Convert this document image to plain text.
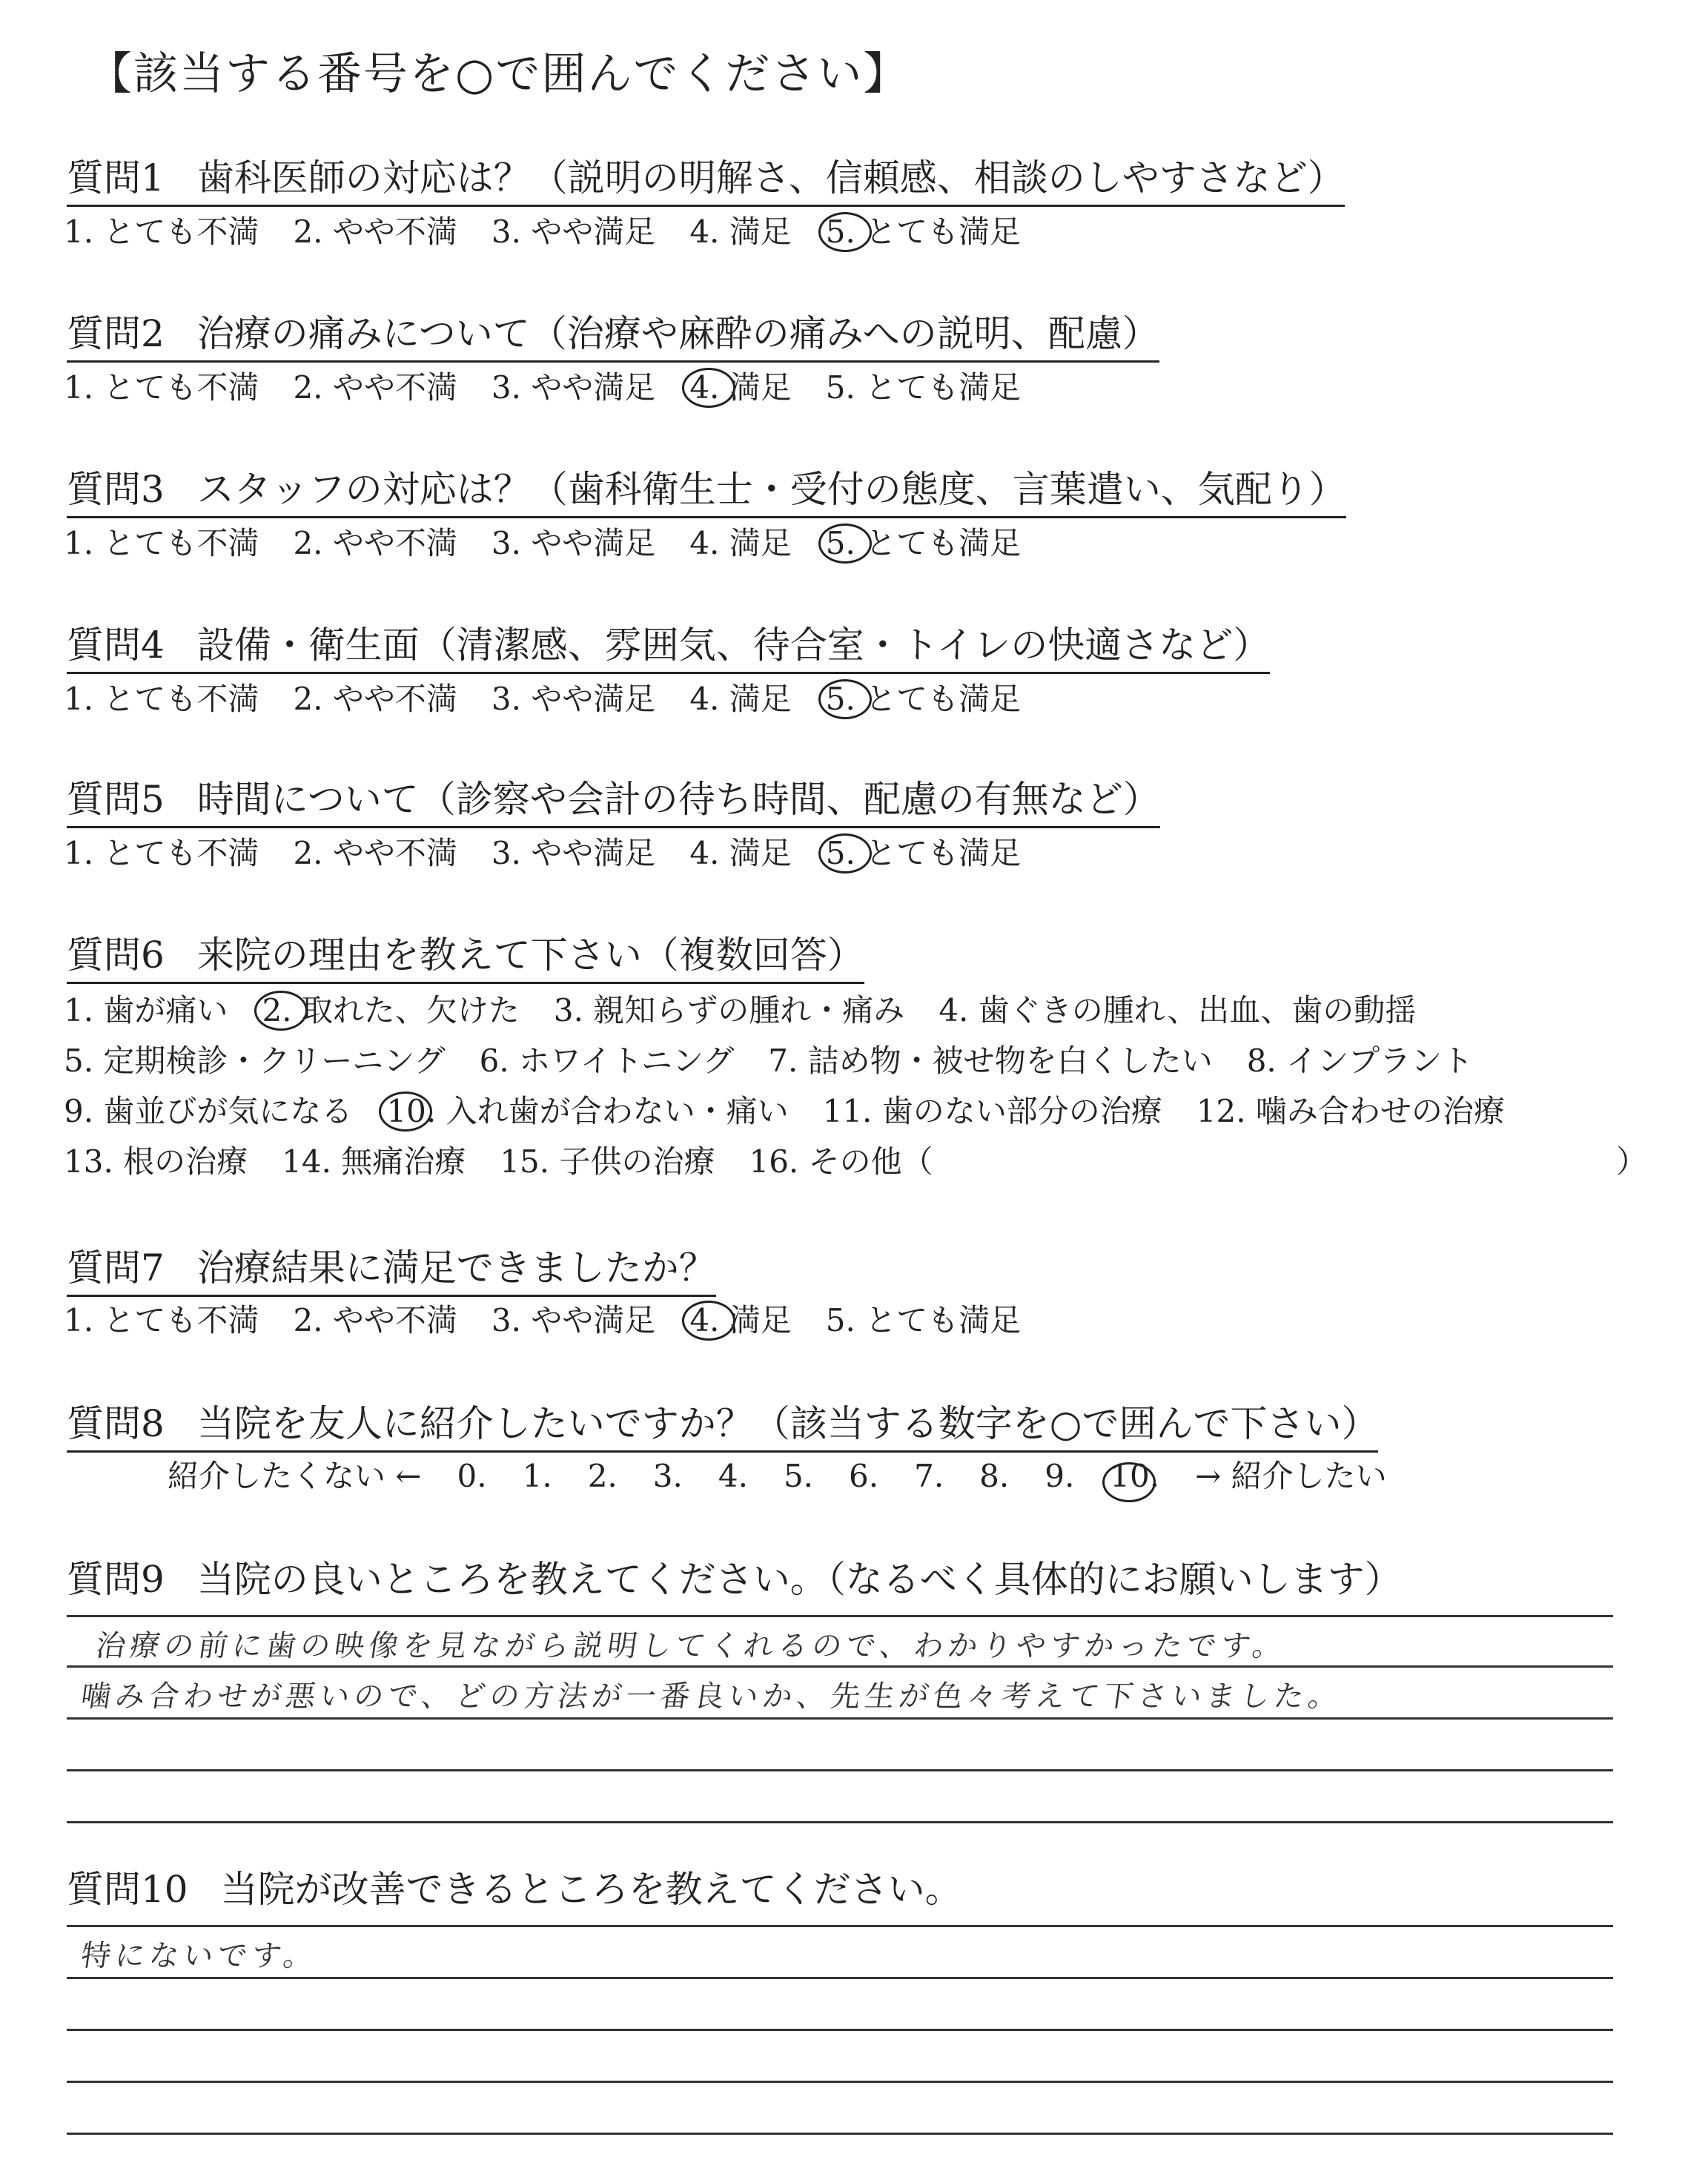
【該当する番号を○で囲んでください】
質問1 歯科医師の対応は？（説明の明解さ、信頼感、相談のしやすさなど）
1. とても不満 2. やや不満 3. やや満足 4. 満足 5. とても満足
質問2 治療の痛みについて（治療や麻酔の痛みへの説明、配慮）
1. とても不満 2. やや不満 3. やや満足 4. 満足 5. とても満足
質問3 スタッフの対応は？（歯科衛生士・受付の態度、言葉遣い、気配り）
1. とても不満 2. やや不満 3. やや満足 4. 満足 5. とても満足
質問4 設備・衛生面（清潔感、雰囲気、待合室・トイレの快適さなど）
1. とても不満 2. やや不満 3. やや満足 4. 満足 5. とても満足
質問5 時間について（診察や会計の待ち時間、配慮の有無など）
1. とても不満 2. やや不満 3. やや満足 4. 満足 5. とても満足
質問6 来院の理由を教えて下さい（複数回答）
1. 歯が痛い 2. 取れた、欠けた 3. 親知らずの腫れ・痛み 4. 歯ぐきの腫れ、出血、歯の動揺
5. 定期検診・クリーニング 6. ホワイトニング 7. 詰め物・被せ物を白くしたい 8. インプラント
9. 歯並びが気になる 10. 入れ歯が合わない・痛い 11. 歯のない部分の治療 12. 噛み合わせの治療
13. 根の治療 14. 無痛治療 15. 子供の治療 16. その他（	）
質問7 治療結果に満足できましたか？
1. とても不満 2. やや不満 3. やや満足 4. 満足 5. とても満足
質問8 当院を友人に紹介したいですか？（該当する数字を○で囲んで下さい）
紹介したくない ← 0. 1. 2. 3. 4. 5. 6. 7. 8. 9. 10. → 紹介したい
質問9 当院の良いところを教えてください。（なるべく具体的にお願いします）
治療の前に歯の映像を見ながら説明してくれるので、わかりやすかったです。
噛み合わせが悪いので、どの方法が一番良いか、先生が色々考えて下さいました。
質問10 当院が改善できるところを教えてください。
特にないです。
